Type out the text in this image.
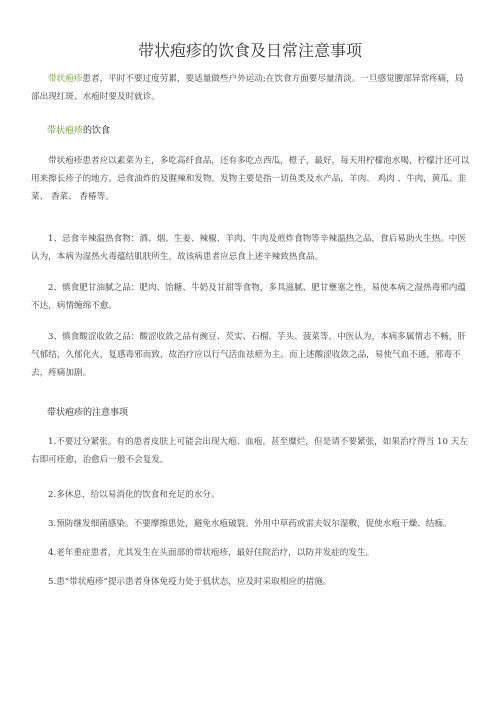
带状疱疹的饮食及日常注意事项

带状疱疹患者，平时不要过度劳累，要适量做些户外运动;在饮食方面要尽量清淡。一旦感觉腰部异常疼痛，局部出现红斑、水疱时要及时就诊。

带状疱疹的饮食

带状疱疹患者应以素菜为主，多吃高纤食品，还有多吃点西瓜，橙子，最好，每天用柠檬泡水喝，柠檬汁还可以用来擦长疹子的地方。忌食油炸的及腥辣和发物，发物主要是指一切鱼类及水产品，羊肉、 鸡肉 、牛肉，黄瓜、韭菜、 香菜、 香椿等。

1、忌食辛辣温热食物：酒、烟、生姜、辣椒、羊肉、牛肉及煎炸食物等辛辣温热之品，食后易助火生热。中医认为，本病为湿热火毒蕴结肌肤所生，故该病患者应忌食上述辛辣致热食品。

2、慎食肥甘油腻之品：肥肉、饴糖、牛奶及甘甜等食物，多具滋腻、肥甘壅塞之性，易使本病之湿热毒邪内蕴不达，病情缠绵不愈。

3、慎食酸涩收敛之品：酸涩收敛之品有豌豆、芡实、石榴、芋头、菠菜等。中医认为，本病多属情志不畅，肝气郁结，久郁化火，复感毒邪而致，故治疗应以行气活血祛瘀为主。而上述酸涩收敛之品，易使气血不通，邪毒不去，疼痛加剧。

带状疱疹的注意事项

1.不要过分紧张。有的患者皮肤上可能会出现大疱、血疱，甚至糜烂，但是请不要紧张，如果治疗得当 10 天左右即可痊愈，治愈后一般不会复发。

2.多休息，给以易消化的饮食和充足的水分。

3.预防继发细菌感染。不要摩擦患处，避免水疱破裂。外用中草药或雷夫奴尔湿敷，促使水疱干燥、结痂。

4.老年重症患者，尤其发生在头面部的带状疱疹，最好住院治疗，以防并发症的发生。

5.患“带状疱疹”提示患者身体免疫力处于低状态，应及时采取相应的措施。
